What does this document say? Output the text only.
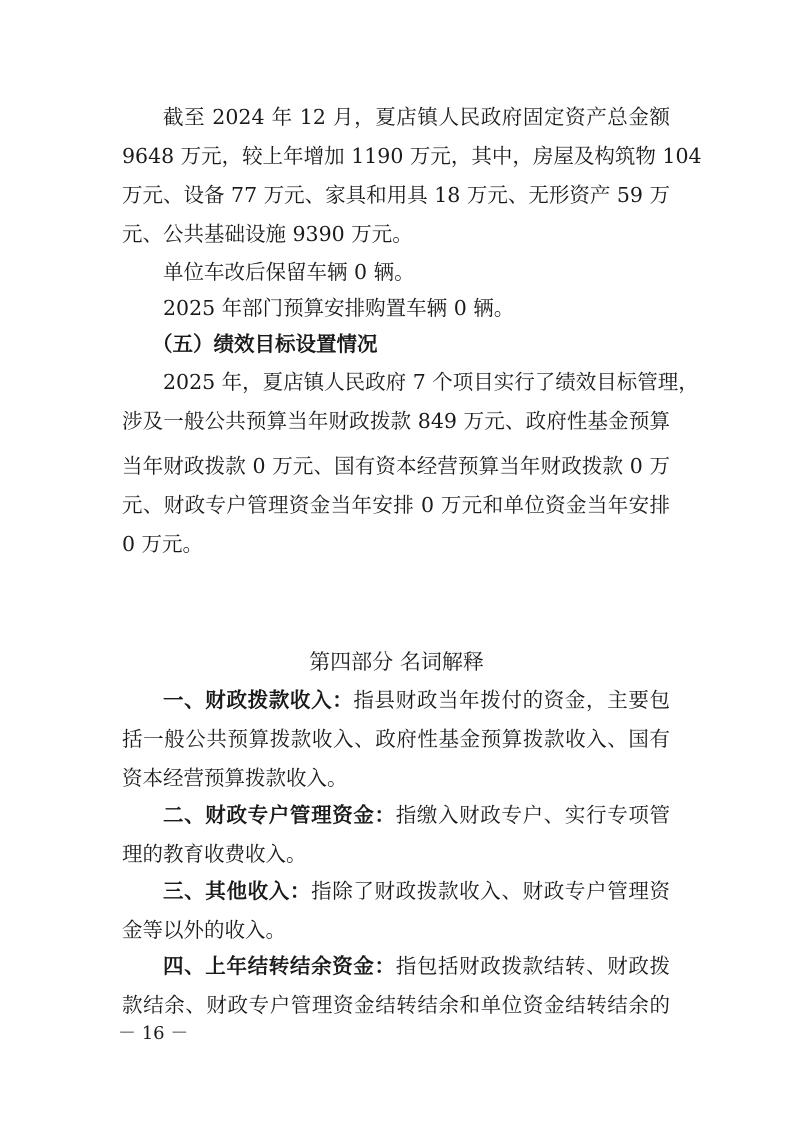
截至 2024 年 12 月，夏店镇人民政府固定资产总金额
9648 万元，较上年增加 1190 万元，其中，房屋及构筑物 104
万元、设备 77 万元、家具和用具 18 万元、无形资产 59 万
元、公共基础设施 9390 万元。
单位车改后保留车辆 0 辆。
2025 年部门预算安排购置车辆 0 辆。
（五）绩效目标设置情况
2025 年，夏店镇人民政府 7 个项目实行了绩效目标管理，
涉及一般公共预算当年财政拨款 849 万元、政府性基金预算
当年财政拨款 0 万元、国有资本经营预算当年财政拨款 0 万
元、财政专户管理资金当年安排 0 万元和单位资金当年安排
0 万元。
第四部分 名词解释
一、财政拨款收入：指县财政当年拨付的资金，主要包
括一般公共预算拨款收入、政府性基金预算拨款收入、国有
资本经营预算拨款收入。
二、财政专户管理资金：指缴入财政专户、实行专项管
理的教育收费收入。
三、其他收入：指除了财政拨款收入、财政专户管理资
金等以外的收入。
四、上年结转结余资金：指包括财政拨款结转、财政拨
款结余、财政专户管理资金结转结余和单位资金结转结余的
－ 16 －
